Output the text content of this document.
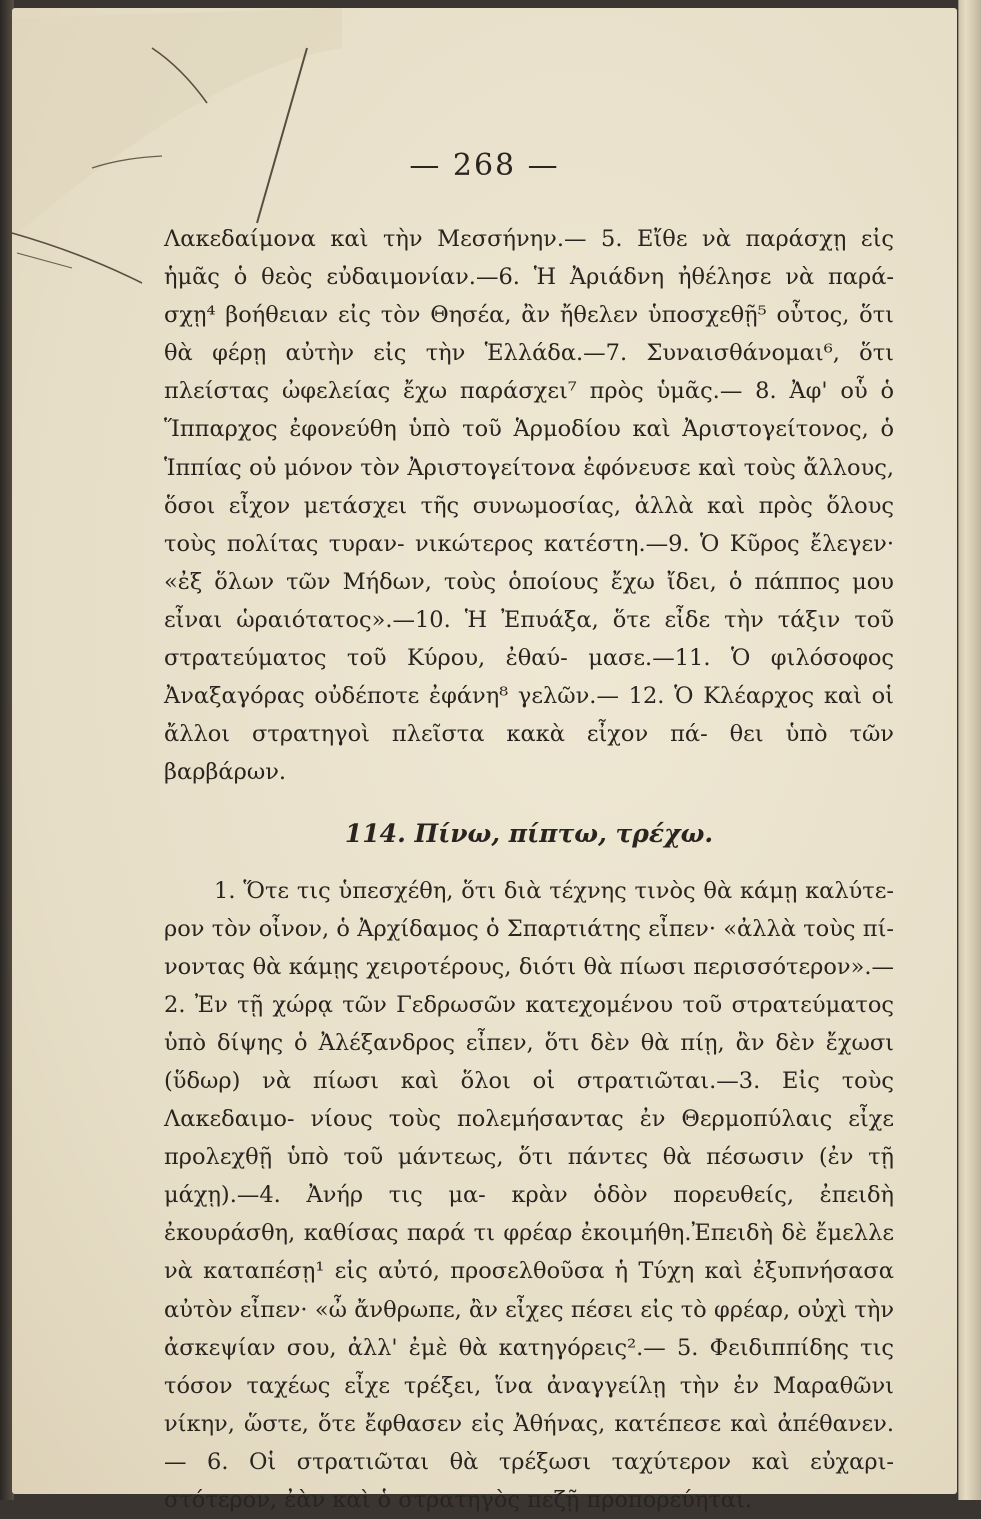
— 268 —

Λακεδαίμονα καὶ τὴν Μεσσήνην.— 5. Εἴθε νὰ παράσχῃ εἰς ἡμᾶς ὁ θεὸς εὐδαιμονίαν.—6. Ἡ Ἀριάδνη ἠθέλησε νὰ παρά- σχῃ⁴ βοήθειαν εἰς τὸν Θησέα, ἂν ἤθελεν ὑποσχεθῇ⁵ οὗτος, ὅτι θὰ φέρῃ αὐτὴν εἰς τὴν Ἑλλάδα.—7. Συναισθάνομαι⁶, ὅτι πλείστας ὠφελείας ἔχω παράσχει⁷ πρὸς ὑμᾶς.— 8. Ἀφ' οὗ ὁ Ἵππαρχος ἐφονεύθη ὑπὸ τοῦ Ἁρμοδίου καὶ Ἀριστογείτονος, ὁ Ἱππίας οὐ μόνον τὸν Ἀριστογείτονα ἐφόνευσε καὶ τοὺς ἄλλους, ὅσοι εἶχον μετάσχει τῆς συνωμοσίας, ἀλλὰ καὶ πρὸς ὅλους τοὺς πολίτας τυραν- νικώτερος κατέστη.—9. Ὁ Κῦρος ἔλεγεν· «ἐξ ὅλων τῶν Μήδων, τοὺς ὁποίους ἔχω ἴδει, ὁ πάππος μου εἶναι ὡραιότατος».—10. Ἡ Ἐπυάξα, ὅτε εἶδε τὴν τάξιν τοῦ στρατεύματος τοῦ Κύρου, ἐθαύ- μασε.—11. Ὁ φιλόσοφος Ἀναξαγόρας οὐδέποτε ἐφάνη⁸ γελῶν.— 12. Ὁ Κλέαρχος καὶ οἱ ἄλλοι στρατηγοὶ πλεῖστα κακὰ εἶχον πά- θει ὑπὸ τῶν βαρβάρων.

114. Πίνω, πίπτω, τρέχω.

1. Ὅτε τις ὑπεσχέθη, ὅτι διὰ τέχνης τινὸς θὰ κάμῃ καλύτε- ρον τὸν οἶνον, ὁ Ἀρχίδαμος ὁ Σπαρτιάτης εἶπεν· «ἀλλὰ τοὺς πί- νοντας θὰ κάμῃς χειροτέρους, διότι θὰ πίωσι περισσότερον».— 2. Ἐν τῇ χώρᾳ τῶν Γεδρωσῶν κατεχομένου τοῦ στρατεύματος ὑπὸ δίψης ὁ Ἀλέξανδρος εἶπεν, ὅτι δὲν θὰ πίῃ, ἂν δὲν ἔχωσι (ὕδωρ) νὰ πίωσι καὶ ὅλοι οἱ στρατιῶται.—3. Εἰς τοὺς Λακεδαιμο- νίους τοὺς πολεμήσαντας ἐν Θερμοπύλαις εἶχε προλεχθῇ ὑπὸ τοῦ μάντεως, ὅτι πάντες θὰ πέσωσιν (ἐν τῇ μάχῃ).—4. Ἀνήρ τις μα- κρὰν ὁδὸν πορευθείς, ἐπειδὴ ἐκουράσθη, καθίσας παρά τι φρέαρ ἐκοιμήθη.Ἐπειδὴ δὲ ἔμελλε νὰ καταπέσῃ¹ εἰς αὐτό, προσελθοῦσα ἡ Τύχη καὶ ἐξυπνήσασα αὐτὸν εἶπεν· «ὦ ἄνθρωπε, ἂν εἶχες πέσει εἰς τὸ φρέαρ, οὐχὶ τὴν ἀσκεψίαν σου, ἀλλ' ἐμὲ θὰ κατηγόρεις².— 5. Φειδιππίδης τις τόσον ταχέως εἶχε τρέξει, ἵνα ἀναγγείλῃ τὴν ἐν Μαραθῶνι νίκην, ὥστε, ὅτε ἔφθασεν εἰς Ἀθήνας, κατέπεσε καὶ ἀπέθανεν.— 6. Οἱ στρατιῶται θὰ τρέξωσι ταχύτερον καὶ εὐχαρι- στότερον, ἐὰν καὶ ὁ στρατηγὸς πεζῇ προπορεύηται.
